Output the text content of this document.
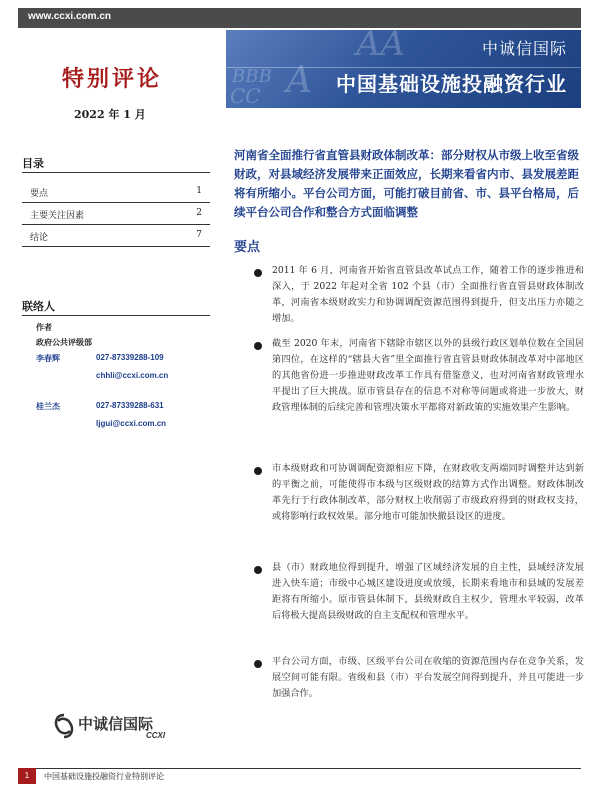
www.ccxi.com.cn
BBB
AA
CC A
中诚信国际
中国基础设施投融资行业
特别评论
2022 年 1 月
目录
要点	1
主要关注因素	2
结论	7
联络人
作者
政府公共评级部
李春辉	027-87339288-109
chhli@ccxi.com.cn
桂兰杰	027-87339288-631
ljgui@ccxi.com.cn
河南省全面推行省直管县财政体制改革：部分财权从市级上收至省级财政，对县域经济发展带来正面效应，长期来看省内市、县发展差距将有所缩小。平台公司方面，可能打破目前省、市、县平台格局，后续平台公司合作和整合方式面临调整
要点
2011 年 6 月，河南省开始省直管县改革试点工作，随着工作的逐步推进和深入，于 2022 年起对全省 102 个县（市）全面推行省直管县财政体制改革，河南省本级财政实力和协调调配资源范围得到提升，但支出压力亦随之增加。
截至 2020 年末，河南省下辖除市辖区以外的县级行政区划单位数在全国居第四位，在这样的“辖县大省”里全面推行省直管县财政体制改革对中部地区的其他省份进一步推进财政改革工作具有借鉴意义，也对河南省财政管理水平提出了巨大挑战。原市管县存在的信息不对称等问题或将进一步放大，财政管理体制的后续完善和管理决策水平都将对新政策的实施效果产生影响。
市本级财政和可协调调配资源相应下降，在财政收支两端同时调整并达到新的平衡之前，可能使得市本级与区级财政的结算方式作出调整。财政体制改革先行于行政体制改革，部分财权上收削弱了市级政府得到的财政权支持，或将影响行政权效果。部分地市可能加快撤县设区的进度。
县（市）财政地位得到提升，增强了区域经济发展的自主性，县域经济发展进入快车道；市级中心城区建设进度或放缓，长期来看地市和县域的发展差距将有所缩小。原市管县体制下，县级财政自主权少，管理水平较弱，改革后将极大提高县级财政的自主支配权和管理水平。
平台公司方面，市级、区级平台公司在收缩的资源范围内存在竞争关系，发展空间可能有限。省级和县（市）平台发展空间得到提升，并且可能进一步加强合作。
中诚信国际
CCXI
1	中国基础设施投融资行业特别评论
